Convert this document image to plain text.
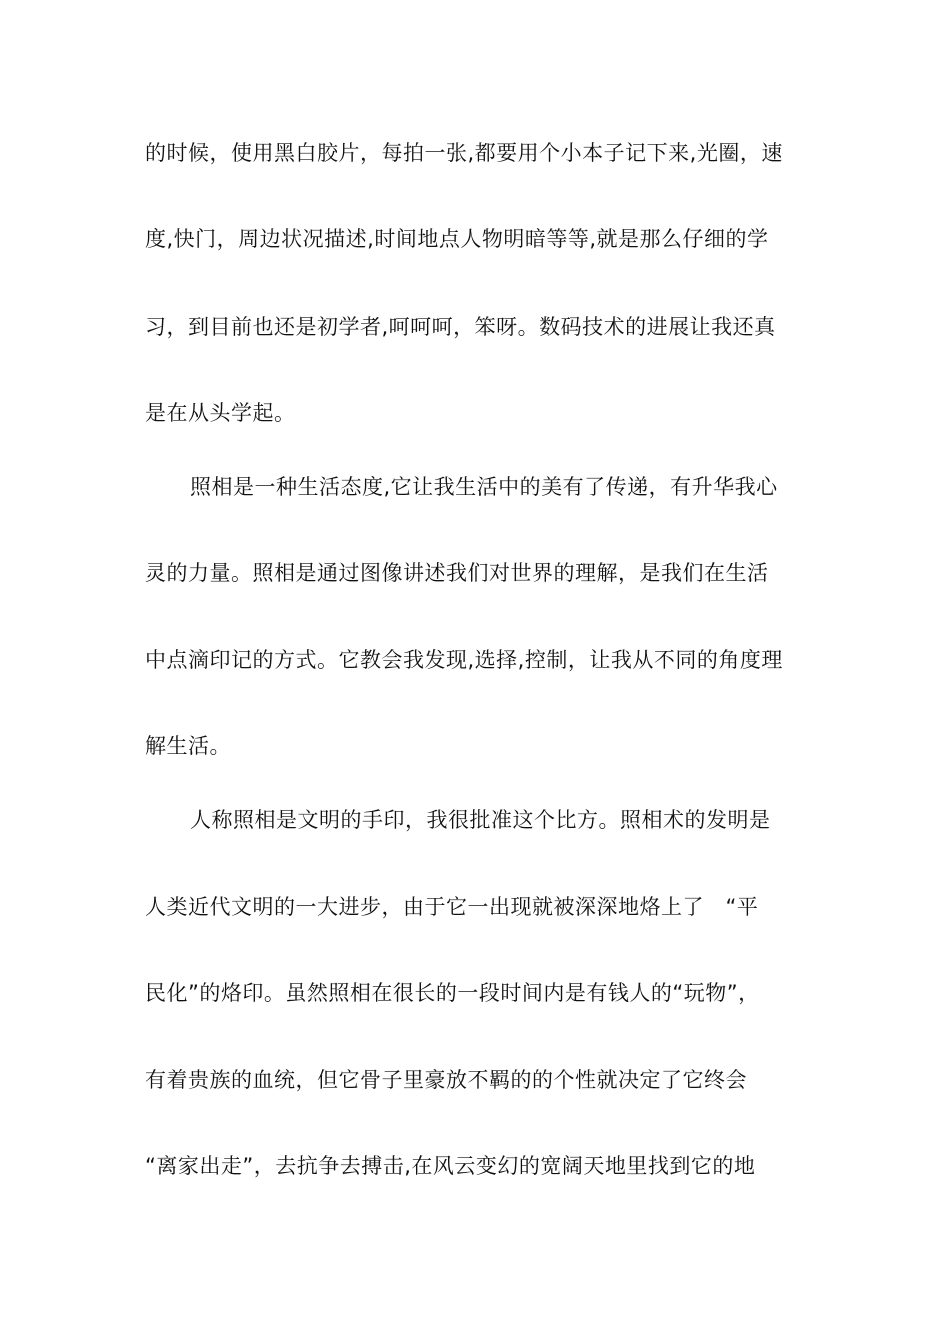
的时候，使用黑白胶片，每拍一张,都要用个小本子记下来,光圈，速
度,快门，周边状况描述,时间地点人物明暗等等,就是那么仔细的学
习，到目前也还是初学者,呵呵呵，笨呀。数码技术的进展让我还真
是在从头学起。
照相是一种生活态度,它让我生活中的美有了传递，有升华我心
灵的力量。照相是通过图像讲述我们对世界的理解，是我们在生活
中点滴印记的方式。它教会我发现,选择,控制，让我从不同的角度理
解生活。
人称照相是文明的手印，我很批准这个比方。照相术的发明是
人类近代文明的一大进步，由于它一出现就被深深地烙上了　“平
民化”的烙印。虽然照相在很长的一段时间内是有钱人的“玩物”，
有着贵族的血统，但它骨子里豪放不羁的的个性就决定了它终会
“离家出走”，去抗争去搏击,在风云变幻的宽阔天地里找到它的地
